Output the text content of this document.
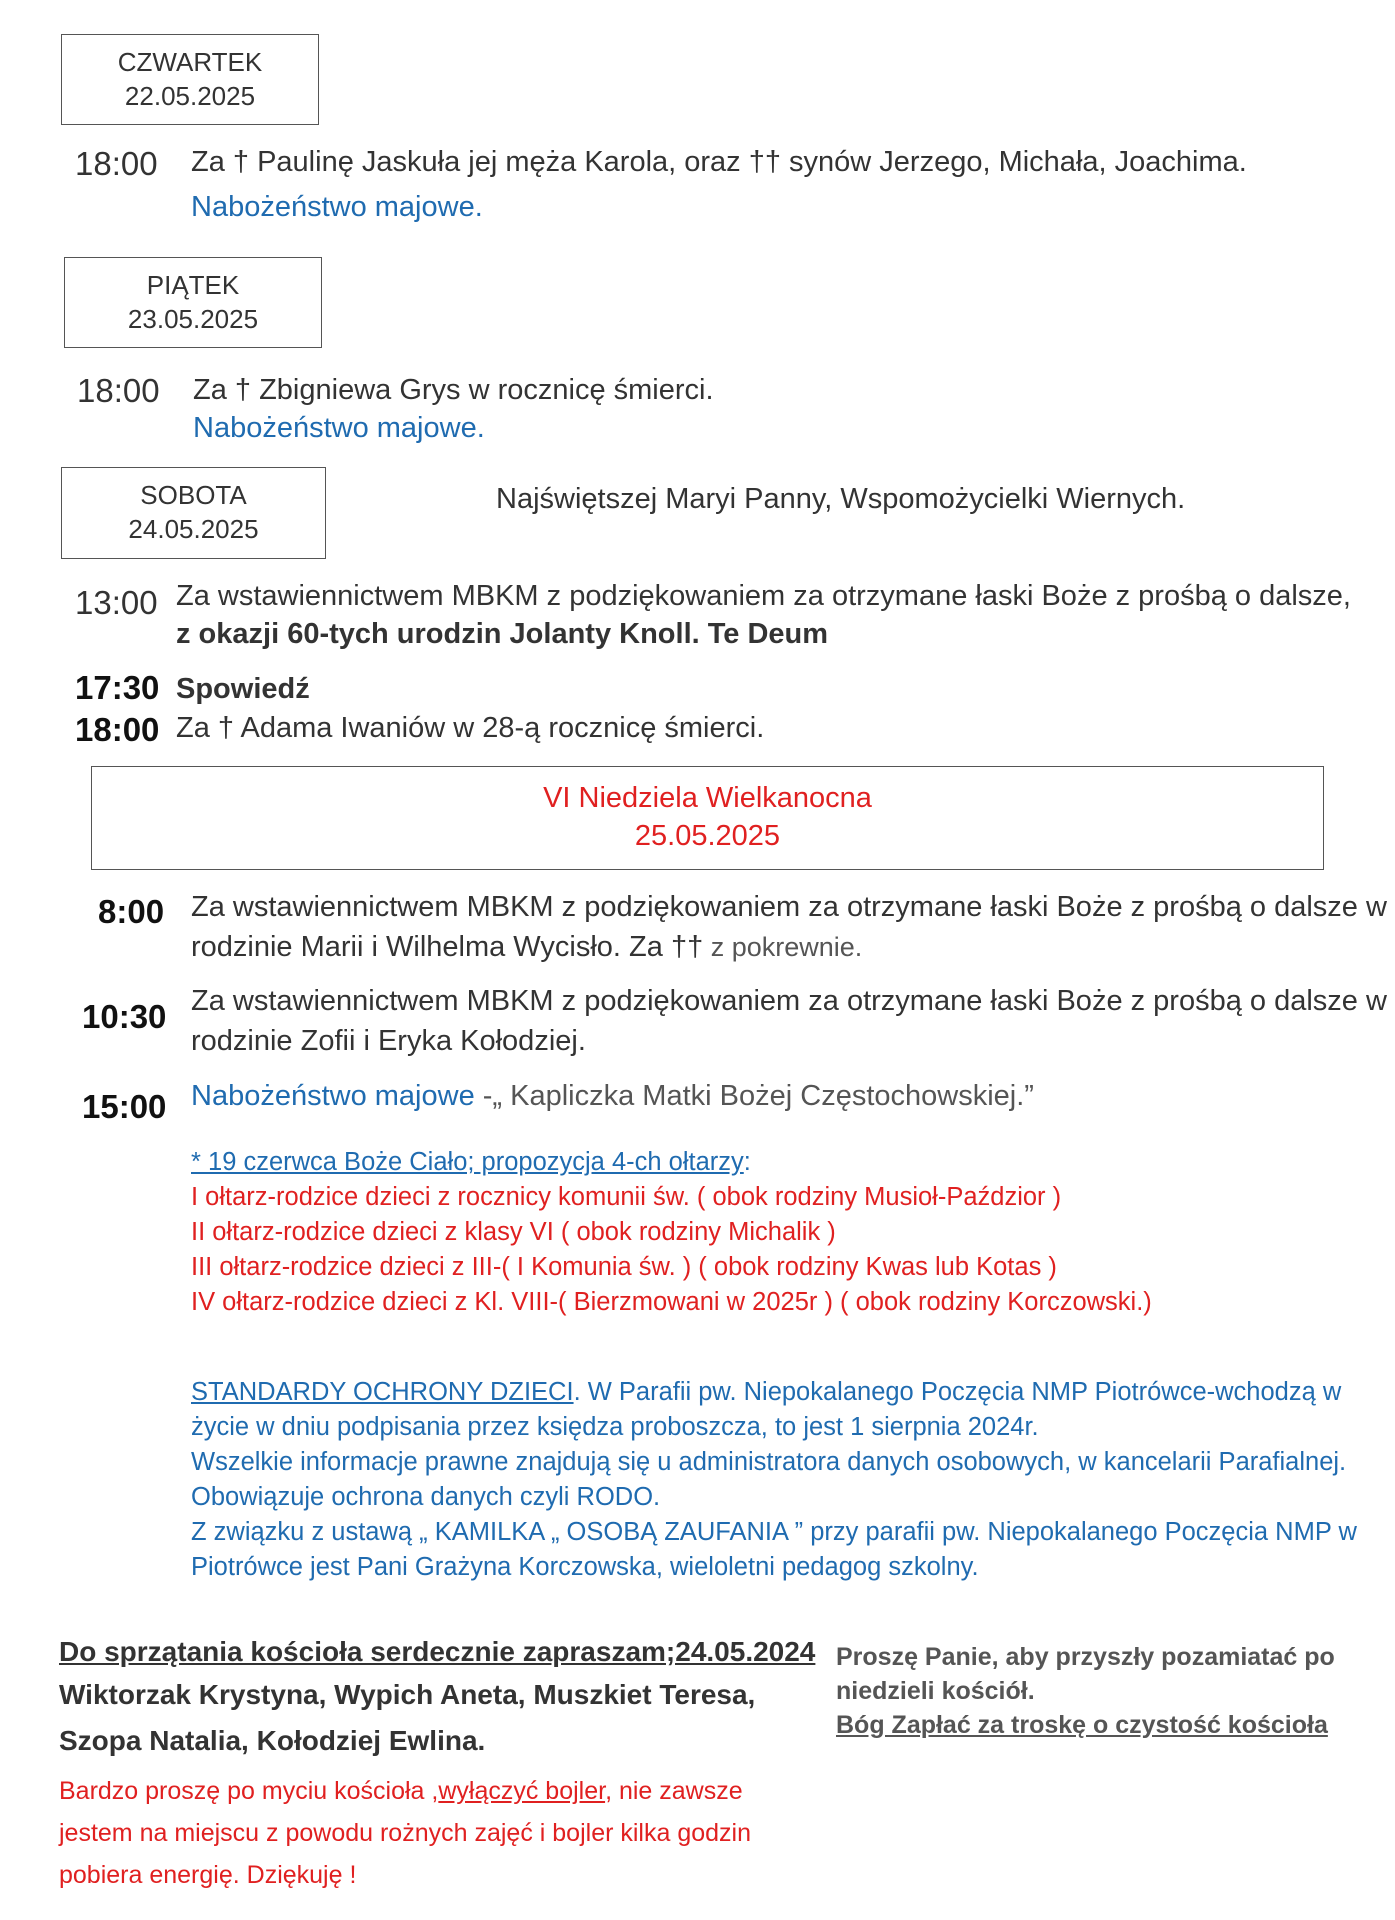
CZWARTEK
22.05.2025
18:00 Za † Paulinę Jaskuła jej męża Karola, oraz †† synów Jerzego, Michała, Joachima.
Nabożeństwo majowe.
PIĄTEK
23.05.2025
18:00 Za † Zbigniewa Grys w rocznicę śmierci.
Nabożeństwo majowe.
SOBOTA
24.05.2025
Najświętszej Maryi Panny, Wspomożycielki Wiernych.
13:00 Za wstawiennictwem MBKM z podziękowaniem za otrzymane łaski Boże z prośbą o dalsze,
z okazji 60-tych urodzin Jolanty Knoll. Te Deum
17:30 Spowiedź
18:00 Za † Adama Iwaniów w 28-ą rocznicę śmierci.
VI Niedziela Wielkanocna
25.05.2025
8:00 Za wstawiennictwem MBKM z podziękowaniem za otrzymane łaski Boże z prośbą o dalsze w
rodzinie Marii i Wilhelma Wycisło. Za †† z pokrewnie.
10:30 Za wstawiennictwem MBKM z podziękowaniem za otrzymane łaski Boże z prośbą o dalsze w
rodzinie Zofii i Eryka Kołodziej.
15:00 Nabożeństwo majowe -„ Kapliczka Matki Bożej Częstochowskiej.”
* 19 czerwca Boże Ciało; propozycja 4-ch ołtarzy:
I ołtarz-rodzice dzieci z rocznicy komunii św. ( obok rodziny Musioł-Paździor )
II ołtarz-rodzice dzieci z klasy VI ( obok rodziny Michalik )
III ołtarz-rodzice dzieci z III-( I Komunia św. ) ( obok rodziny Kwas lub Kotas )
IV ołtarz-rodzice dzieci z Kl. VIII-( Bierzmowani w 2025r ) ( obok rodziny Korczowski.)
STANDARDY OCHRONY DZIECI. W Parafii pw. Niepokalanego Poczęcia NMP Piotrówce-wchodzą w
życie w dniu podpisania przez księdza proboszcza, to jest 1 sierpnia 2024r.
Wszelkie informacje prawne znajdują się u administratora danych osobowych, w kancelarii Parafialnej.
Obowiązuje ochrona danych czyli RODO.
Z związku z ustawą „ KAMILKA „ OSOBĄ ZAUFANIA ” przy parafii pw. Niepokalanego Poczęcia NMP w
Piotrówce jest Pani Grażyna Korczowska, wieloletni pedagog szkolny.
Do sprzątania kościoła serdecznie zapraszam;24.05.2024
Wiktorzak Krystyna, Wypich Aneta, Muszkiet Teresa,
Szopa Natalia, Kołodziej Ewlina.
Bardzo proszę po myciu kościoła ,wyłączyć bojler, nie zawsze
jestem na miejscu z powodu rożnych zajęć i bojler kilka godzin
pobiera energię. Dziękuję !
Proszę Panie, aby przyszły pozamiatać po
niedzieli kościół.
Bóg Zapłać za troskę o czystość kościoła
